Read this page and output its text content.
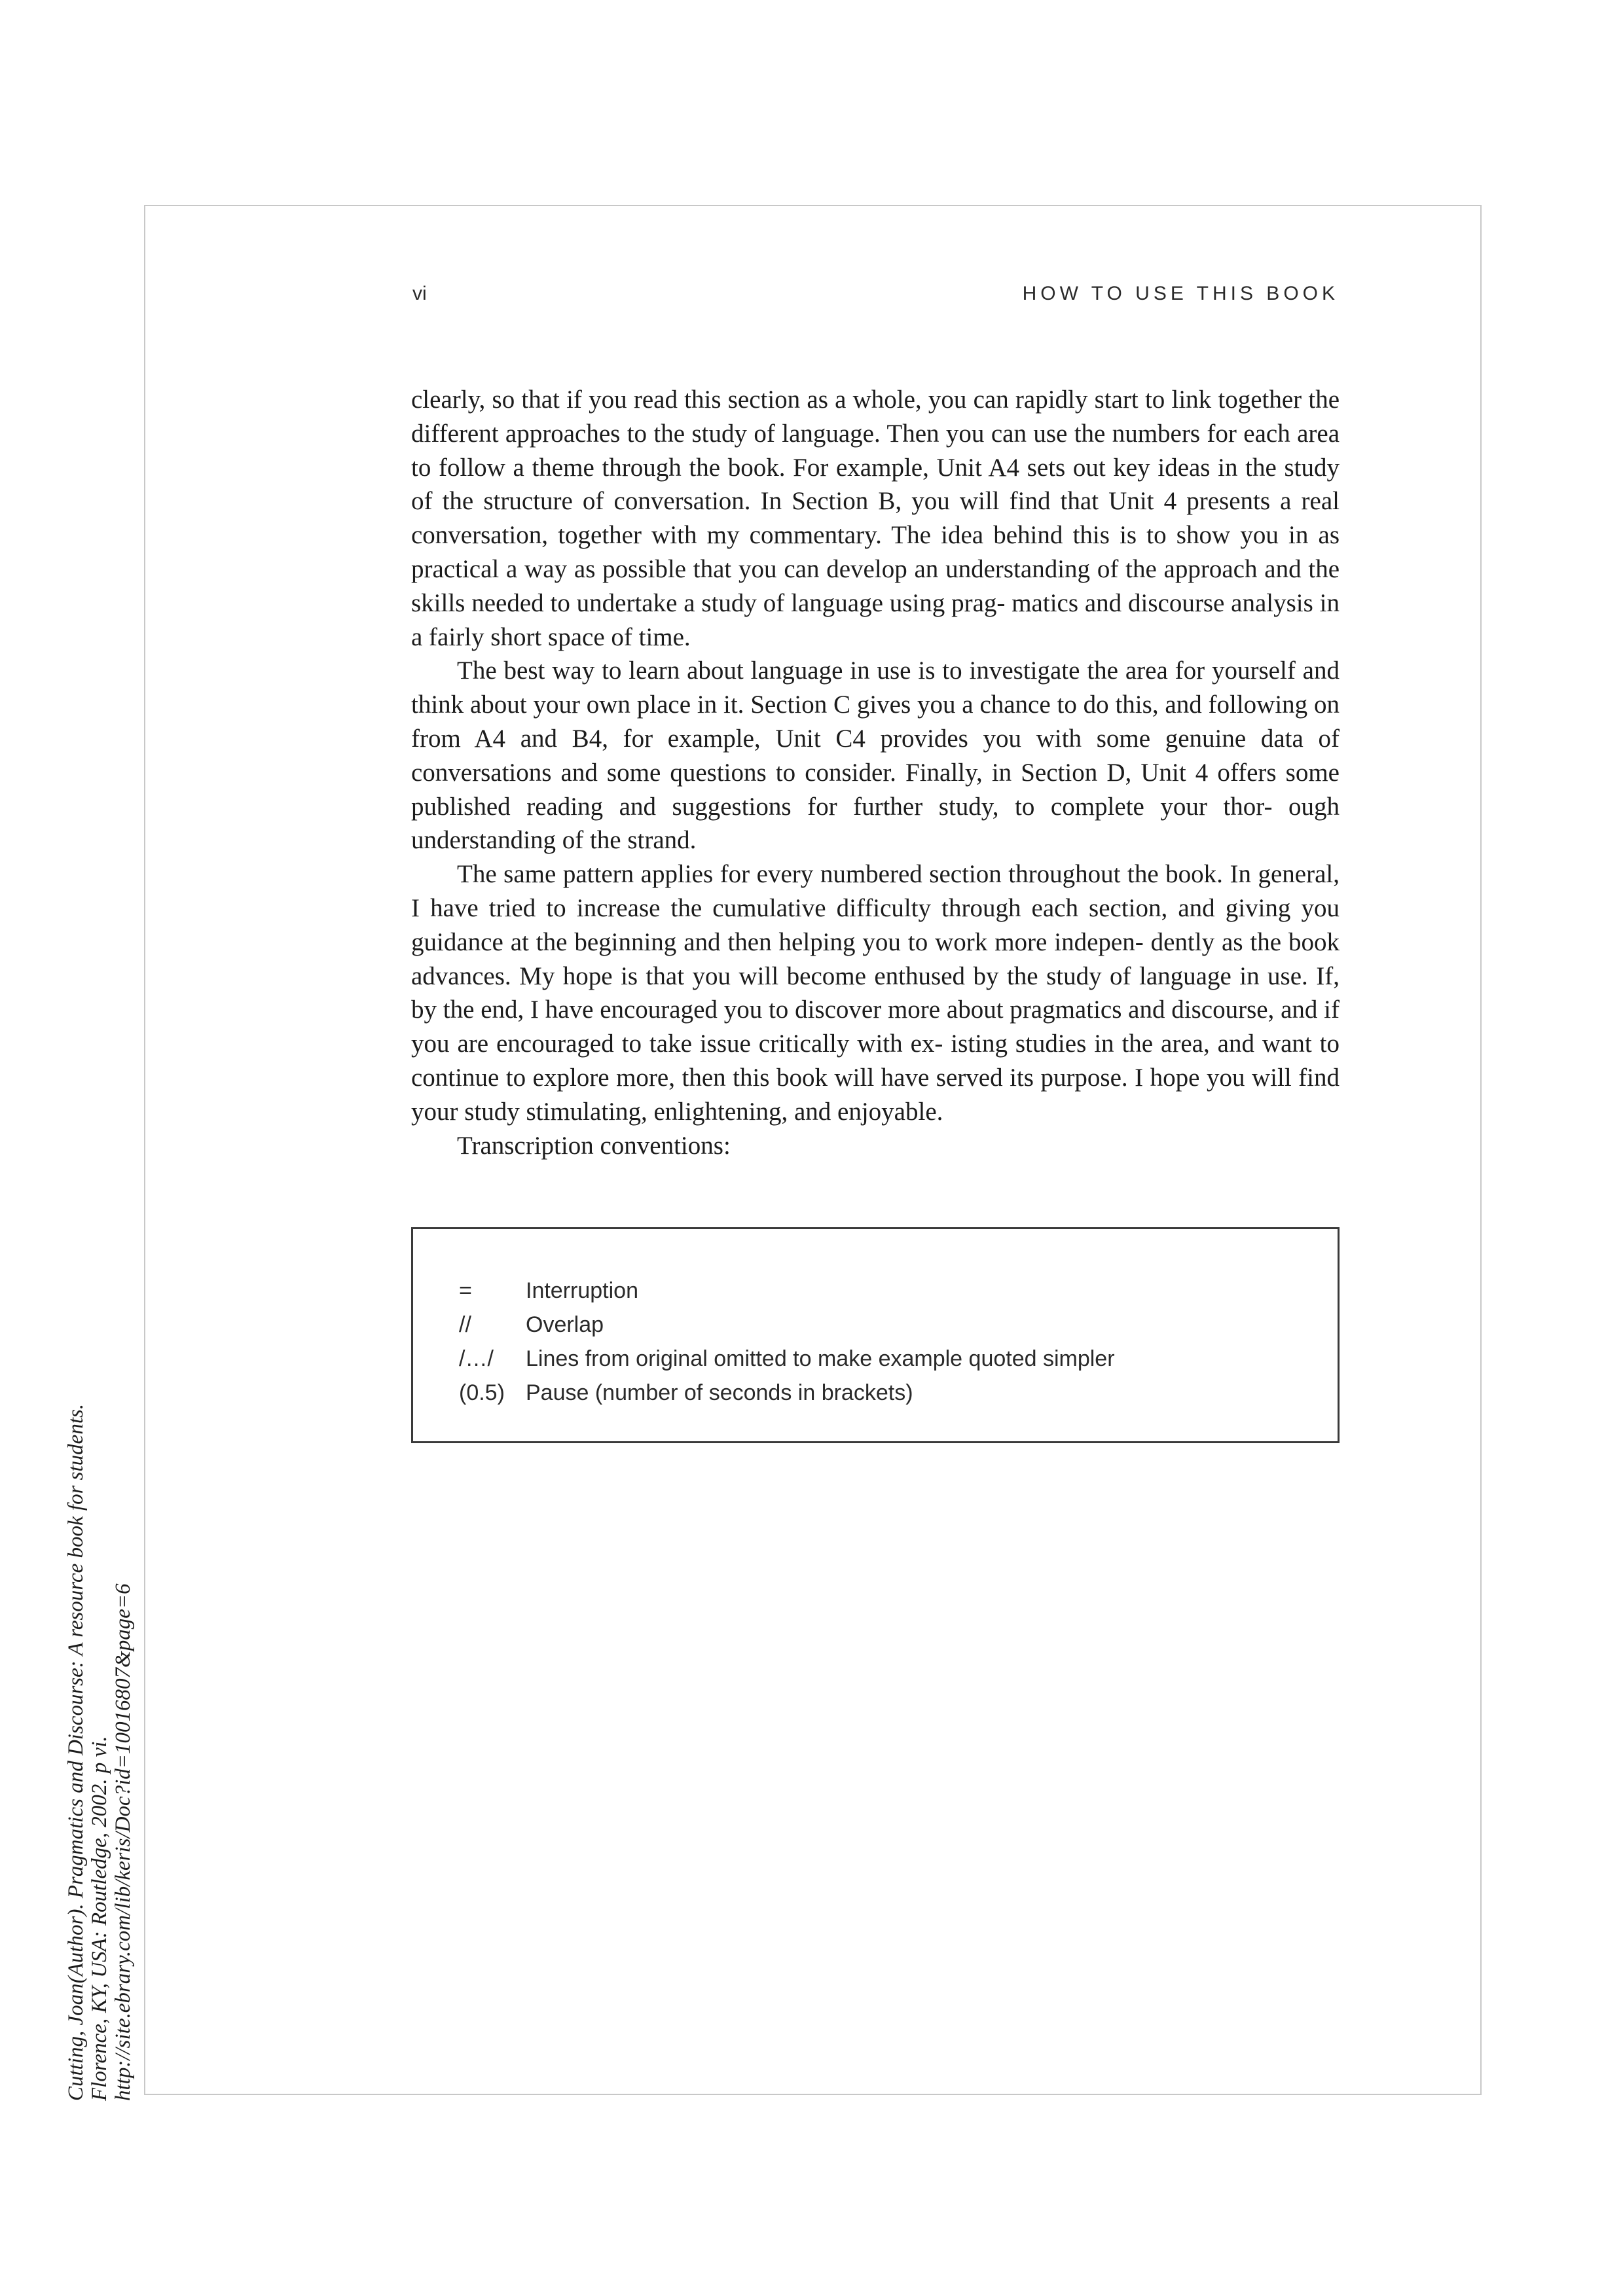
vi	HOW TO USE THIS BOOK

clearly, so that if you read this section as a whole, you can rapidly start to link together the different approaches to the study of language. Then you can use the numbers for each area to follow a theme through the book. For example, Unit A4 sets out key ideas in the study of the structure of conversation. In Section B, you will find that Unit 4 presents a real conversation, together with my commentary. The idea behind this is to show you in as practical a way as possible that you can develop an understanding of the approach and the skills needed to undertake a study of language using prag- matics and discourse analysis in a fairly short space of time.

The best way to learn about language in use is to investigate the area for yourself and think about your own place in it. Section C gives you a chance to do this, and following on from A4 and B4, for example, Unit C4 provides you with some genuine data of conversations and some questions to consider. Finally, in Section D, Unit 4 offers some published reading and suggestions for further study, to complete your thor- ough understanding of the strand.

The same pattern applies for every numbered section throughout the book. In general, I have tried to increase the cumulative difficulty through each section, and giving you guidance at the beginning and then helping you to work more indepen- dently as the book advances. My hope is that you will become enthused by the study of language in use. If, by the end, I have encouraged you to discover more about pragmatics and discourse, and if you are encouraged to take issue critically with ex- isting studies in the area, and want to continue to explore more, then this book will have served its purpose. I hope you will find your study stimulating, enlightening, and enjoyable.

Transcription conventions:

=	Interruption
//	Overlap
/…/	Lines from original omitted to make example quoted simpler
(0.5) Pause (number of seconds in brackets)
Cutting, Joan(Author). Pragmatics and Discourse: A resource book for students. Florence, KY, USA: Routledge, 2002. p vi. http://site.ebrary.com/lib/keris/Doc?id=10016807&page=6
